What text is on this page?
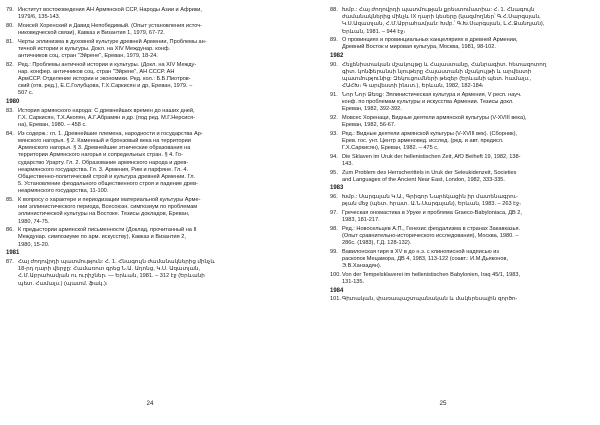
79. Институт востоковедения АН Армянской ССР, Народы Азии и Африки,
1979/6, 135-143.
80. Моисей Хоренский и Давид Непобедимый. (Опыт установления источ-
никоведческой связи), Кавказ и Византия 1, 1979, 67-72.
81. Черты эллинизма в духовной культуре древней Армении, Проблемы ан-
тичной истории и культуры. Докл. на XIV Междунар. конф.
античников соц. стран "Эйрене", Ереван, 1979, 18-24.
82. Ред.: Проблемы античной истории и культуры. (Докл. на XIV Между-
нар. конфер. античников соц. стран "Эйрене", АН СССР. АН
АрмССР. Отделение истории и экономики. Ред. кол.: Б.Б.Пиотров-
ский (отв. ред.), Е.С.Голубцова, Г.Х.Саркисян и др, Ереван, 1979. –
507 с.
1980
83. История армянского народа: С древнейших времен до наших дней,
Г.Х. Саркисян, Т.Х.Акопян, А.Г.Абрамян и др. (под ред. М.Г.Нерсися-
на), Ереван, 1980. – 458 с.
84. Из содерж.: гл. 1. Древнейшие племена, народности и государства Ар-
мянского нагорья. § 2. Каменный и бронзовый века на территории
Армянского нагорья. § 3. Древнейшие этнические образования на
территории Армянского нагорья и сопредельных стран. § 4. Го-
сударство Урарту. Гл. 2. Образование армянского народа и древ-
неармянского государства. Гл. 3. Армения, Рим и парфяне. Гл. 4.
Общественно-политический строй и культура древней Армении. Гл.
5. Установление феодального общественного строя и падение древ-
неармянского государства, 11-100.
85. К вопросу о характере и периодизации материальной культуры Арме-
нии эллинистического периода, Всесоюзн. симпозиум по проблемам
эллинистической культуры на Востоке. Тезисы докладов, Ереван,
1980, 74-75.
86. К предыстории армянской письменности (Доклад, прочитанный на II
Междунар. симпозиуме по арм. искусству), Кавказ и Византия 2,
1980, 15-20.
1981
87. Հայ ժողովրդի պատմություն: Հ. 1. Հնագույն ժամանակներից մինչև
18-րդ դարի վերջը: Համառոտ գրեց Ն.Ա. Ադոնց, Կ.Ս. Ազատյան,
Հ.Մ.Աբրահամյան ու ուրիշներ. — Երևան, 1981. – 312 էջ (Երևանի
պետ. Համալս.) (պատմ. ֆակ.)։
24
88. Խմբ.: Հայ ժողովրդի պատմության քրեստոմատիա: Հ. 1. Հնագույն
ժամանակներից մինչև IX դարի կեսերը (կազմողներ՝ Գ.Հ.Սարգսյան,
Կ.Ս.Ազատյան, Հ.Մ.Աբրահամյան: Խմբ.՝ Գ.Խ.Սարգսյան, Լ.Հ.Ջանդյան),
Երևան, 1981. – 944 էջ։
89. О провинциях и провинциальных канцеляриях в древней Армении,
Древний Восток и мировая культура, Москва, 1981, 98-102.
1982
90. Հելլենիստական մշակույթը և Հայաստանը, Հանրագիտ. հետազոտող
գիտ. կոնֆերանսի նյութերը Հայաստանի մշակույթի և արվեստի
պատմությունից: Զեկուցումների թեզեր (Երևանի պետ. համալս.,
ՀԱՀԽ։ Գ արվեստի ինստ.), Երևան, 1982, 182-184։
91. Նոր Նոր Ձեռք: Эллинистическая культура и Армения, V респ. науч.
конф. по проблемам культуры и искусства Армении. Тезисы докл.
Ереван, 1982, 392-392.
92. Мовсес Хоренаци, Видные деятели армянской культуры (V-XVIII века),
Ереван, 1982, 56-67.
93. Ред.: Видные деятели армянской культуры (V-XVIII век). (Сборник),
Ерев. гос. унт. Центр арменовед. исслед. (ред. и авт. предисл.
Г.Х.Саркисян), Ереван, 1982. – 475 с.
94. Die Sklaven im Uruk der hellenistischen Zeit, AfO Beiheft 19, 1982, 138-
143.
95. Zum Problem des Herrscherittels in Uruk der Seleukidenzeit, Societies
and Languages of the Ancient Near East, London, 1982, 333-335.
1983
96. Խմբ.: Սարգսյան Կ.Ա., Գրիգոր Նարեկացին իր մատենագրու-
թյան մեջ (պետ. հրատ. Ա.Ն.Սարգսյան), Երևան, 1983. – 263 էջ։
97. Греческая ономастика в Уруке и проблема Graeco-Babyloniaca, ДВ 2,
1983, 181-217.
98. Ред.: Новосельцев А.П., Генезис феодализма в странах Закавказья.
(Опыт сравнительно-исторического исследования), Москва, 1980. –
286с. (1983), Г.Д. 128-132).
99. Вавилонская гиря в XV в до н.э. с клинописной надписью из
раскопок Мецамора, ДВ 4, 1983, 113-122 (соавт.: И.М.Дьяконов,
Э.В.Ханзадян).
100. Von der Tempelsklaverei im hellenistischen Babylonien, Iraq 45/1, 1983,
131-135.
1984
101. Գիտական, փառապաշտպանական և մակերեսային զործո-
25
